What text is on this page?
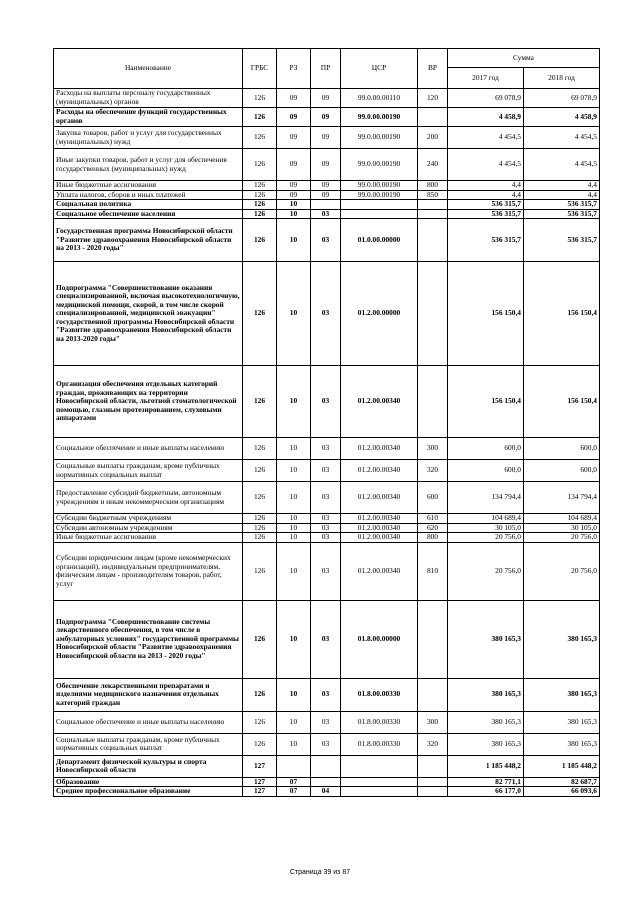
Наименование	ГРБС	РЗ	ПР	ЦСР	ВР	Сумма	
						2017 год	2018 год
Расходы на выплаты персоналу государственных (муниципальных) органов	126	09	09	99.0.00.00110	120	69 078,9	69 078,9
Расходы на обеспечение функций государственных органов	126	09	09	99.0.00.00190		4 458,9	4 458,9
Закупка товаров, работ и услуг для государственных (муниципальных) нужд	126	09	09	99.0.00.00190	200	4 454,5	4 454,5
Иные закупки товаров, работ и услуг для обеспечения государственных (муниципальных) нужд	126	09	09	99.0.00.00190	240	4 454,5	4 454,5
Иные бюджетные ассигнования	126	09	09	99.0.00.00190	800	4,4	4,4
Уплата налогов, сборов и иных платежей	126	09	09	99.0.00.00190	850	4,4	4,4
Социальная политика	126	10				536 315,7	536 315,7
Социальное обеспечение населения	126	10	03			536 315,7	536 315,7
Государственная программа Новосибирской области "Развитие здравоохранения Новосибирской области на 2013 - 2020 годы"	126	10	03	01.0.00.00000		536 315,7	536 315,7
Подпрограмма "Совершенствование оказания специализированной, включая высокотехнологичную, медицинской помощи, скорой, в том числе скорой специализированной, медицинской эвакуации" государственной программы Новосибирской области "Развитие здравоохранения Новосибирской области на 2013-2020 годы"	126	10	03	01.2.00.00000		156 150,4	156 150,4
Организация обеспечения отдельных категорий граждан, проживающих на территории Новосибирской области, льготной стоматологической помощью, глазным протезированием, слуховыми аппаратами	126	10	03	01.2.00.00340		156 150,4	156 150,4
Социальное обеспечение и иные выплаты населению	126	10	03	01.2.00.00340	300	600,0	600,0
Социальные выплаты гражданам, кроме публичных нормативных социальных выплат	126	10	03	01.2.00.00340	320	600,0	600,0
Предоставление субсидий бюджетным, автономным учреждениям и иным некоммерческим организациям	126	10	03	01.2.00.00340	600	134 794,4	134 794,4
Субсидии бюджетным учреждениям	126	10	03	01.2.00.00340	610	104 689,4	104 689,4
Субсидии автономным учреждениям	126	10	03	01.2.00.00340	620	30 105,0	30 105,0
Иные бюджетные ассигнования	126	10	03	01.2.00.00340	800	20 756,0	20 756,0
Субсидии юридическим лицам (кроме некоммерческих организаций), индивидуальным предпринимателям, физическим лицам - производителям товаров, работ, услуг	126	10	03	01.2.00.00340	810	20 756,0	20 756,0
Подпрограмма "Совершенствование системы лекарственного обеспечения, в том числе в амбулаторных условиях" государственной программы Новосибирской области "Развитие здравоохранения Новосибирской области на 2013 - 2020 годы"	126	10	03	01.8.00.00000		380 165,3	380 165,3
Обеспечение лекарственными препаратами и изделиями медицинского назначения отдельных категорий граждан	126	10	03	01.8.00.00330		380 165,3	380 165,3
Социальное обеспечение и иные выплаты населению	126	10	03	01.8.00.00330	300	380 165,3	380 165,3
Социальные выплаты гражданам, кроме публичных нормативных социальных выплат	126	10	03	01.8.00.00330	320	380 165,3	380 165,3
Департамент физической культуры и спорта Новосибирской области	127					1 185 448,2	1 185 448,2
Образование	127	07				82 771,1	82 687,7
Среднее профессиональное образование	127	07	04			66 177,0	66 093,6
Страница 39 из 87
